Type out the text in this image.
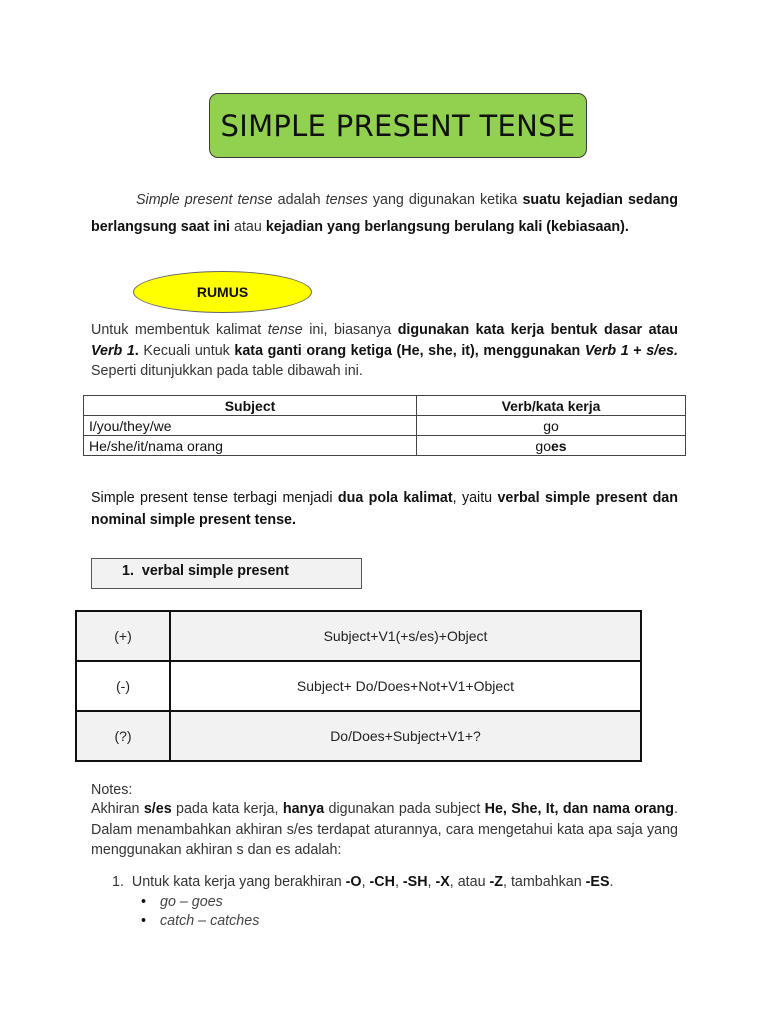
SIMPLE PRESENT TENSE
Simple present tense adalah tenses yang digunakan ketika suatu kejadian sedang berlangsung saat ini atau kejadian yang berlangsung berulang kali (kebiasaan).
RUMUS
Untuk membentuk kalimat tense ini, biasanya digunakan kata kerja bentuk dasar atau Verb 1. Kecuali untuk kata ganti orang ketiga (He, she, it), menggunakan Verb 1 + s/es. Seperti ditunjukkan pada table dibawah ini.
Subject	Verb/kata kerja
I/you/they/we	go
He/she/it/nama orang	goes
Simple present tense terbagi menjadi dua pola kalimat, yaitu verbal simple present dan nominal simple present tense.
1. verbal simple present
(+)	Subject+V1(+s/es)+Object
(-)	Subject+ Do/Does+Not+V1+Object
(?)	Do/Does+Subject+V1+?
Notes:
Akhiran s/es pada kata kerja, hanya digunakan pada subject He, She, It, dan nama orang. Dalam menambahkan akhiran s/es terdapat aturannya, cara mengetahui kata apa saja yang menggunakan akhiran s dan es adalah:
1. Untuk kata kerja yang berakhiran -O, -CH, -SH, -X, atau -Z, tambahkan -ES.
• go – goes
• catch – catches
